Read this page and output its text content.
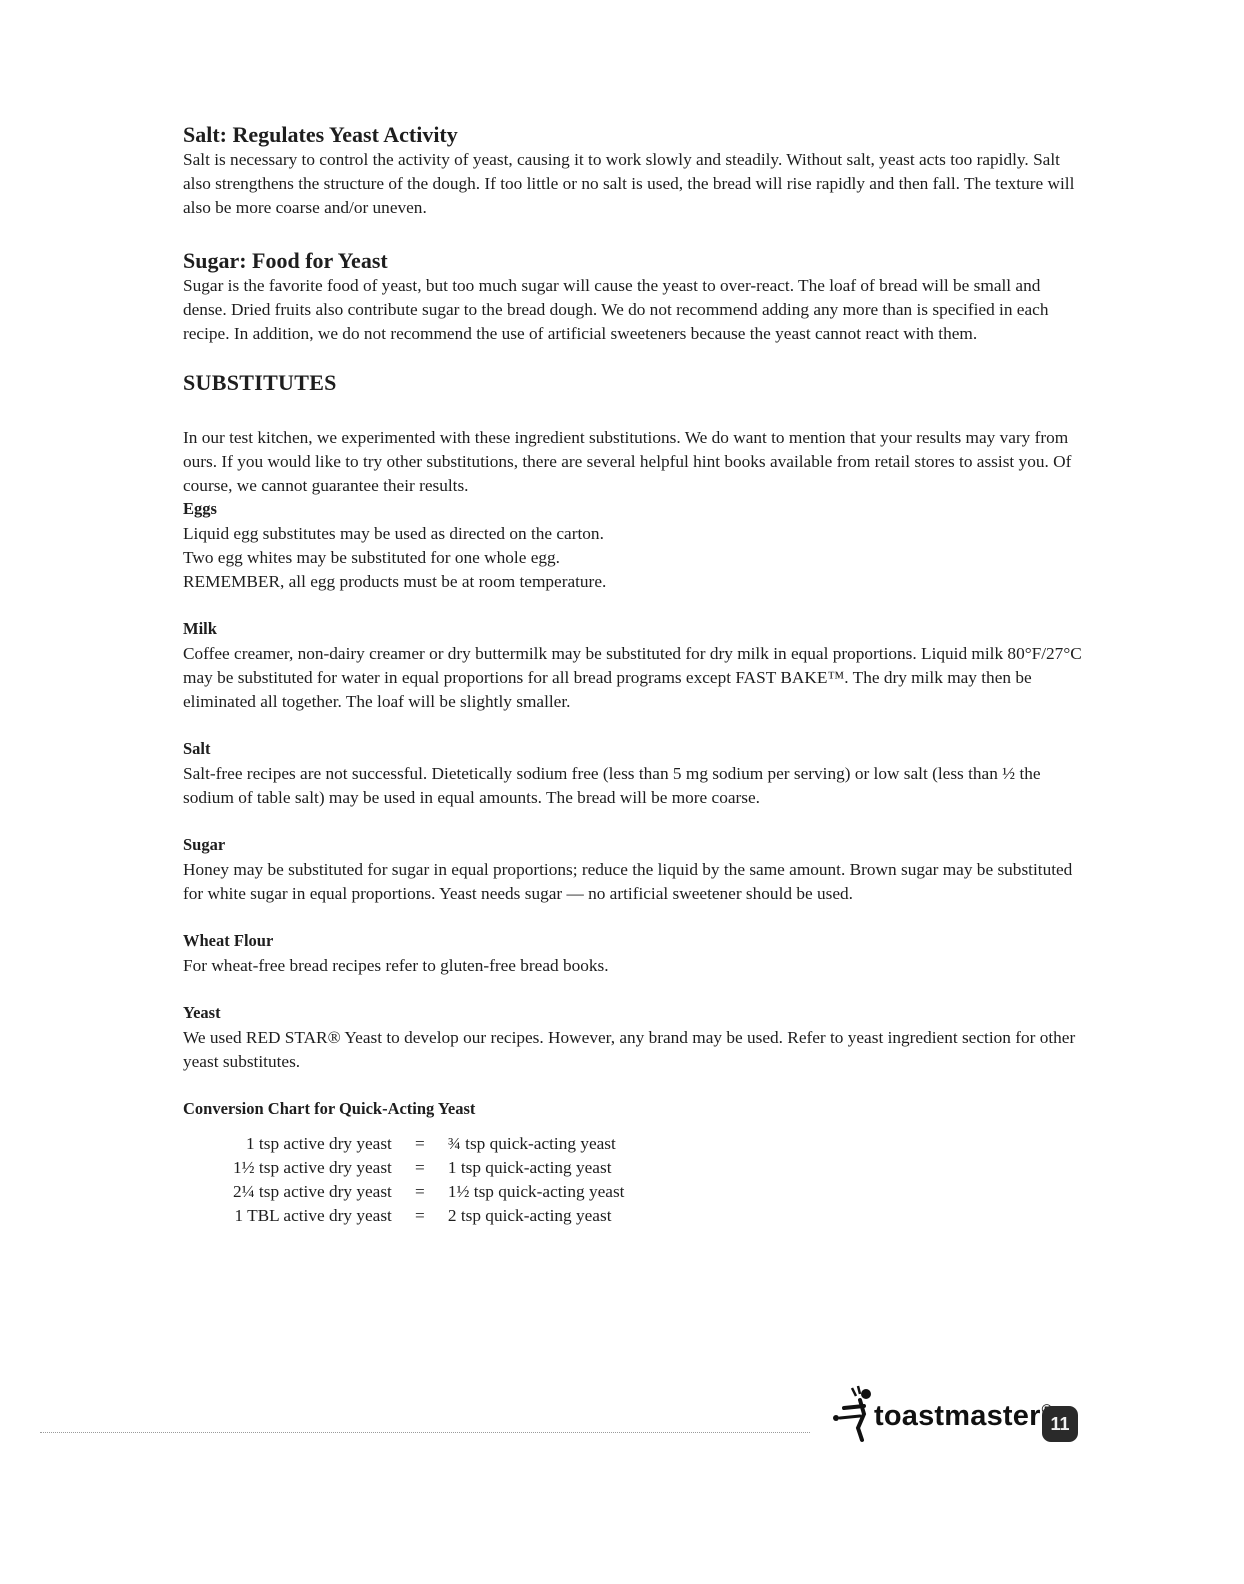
Salt: Regulates Yeast Activity

Salt is necessary to control the activity of yeast, causing it to work slowly and steadily. Without salt, yeast acts too rapidly. Salt also strengthens the structure of the dough. If too little or no salt is used, the bread will rise rapidly and then fall. The texture will also be more coarse and/or uneven.

Sugar: Food for Yeast

Sugar is the favorite food of yeast, but too much sugar will cause the yeast to over-react. The loaf of bread will be small and dense. Dried fruits also contribute sugar to the bread dough. We do not recommend adding any more than is specified in each recipe. In addition, we do not recommend the use of artificial sweeteners because the yeast cannot react with them.

SUBSTITUTES

In our test kitchen, we experimented with these ingredient substitutions. We do want to mention that your results may vary from ours. If you would like to try other substitutions, there are several helpful hint books available from retail stores to assist you. Of course, we cannot guarantee their results.

Eggs

Liquid egg substitutes may be used as directed on the carton.

Two egg whites may be substituted for one whole egg.

REMEMBER, all egg products must be at room temperature.

Milk

Coffee creamer, non-dairy creamer or dry buttermilk may be substituted for dry milk in equal proportions. Liquid milk 80°F/27°C may be substituted for water in equal proportions for all bread programs except FAST BAKE™. The dry milk may then be eliminated all together. The loaf will be slightly smaller.

Salt

Salt-free recipes are not successful. Dietetically sodium free (less than 5 mg sodium per serving) or low salt (less than ½ the sodium of table salt) may be used in equal amounts. The bread will be more coarse.

Sugar

Honey may be substituted for sugar in equal proportions; reduce the liquid by the same amount. Brown sugar may be substituted for white sugar in equal proportions. Yeast needs sugar — no artificial sweetener should be used.

Wheat Flour

For wheat-free bread recipes refer to gluten-free bread books.

Yeast

We used RED STAR® Yeast to develop our recipes. However, any brand may be used. Refer to yeast ingredient section for other yeast substitutes.

Conversion Chart for Quick-Acting Yeast
1 tsp active dry yeast	=	¾ tsp quick-acting yeast
1½ tsp active dry yeast	=	1 tsp quick-acting yeast
2¼ tsp active dry yeast	=	1½ tsp quick-acting yeast
1 TBL active dry yeast	=	2 tsp quick-acting yeast
toastmaster 11
